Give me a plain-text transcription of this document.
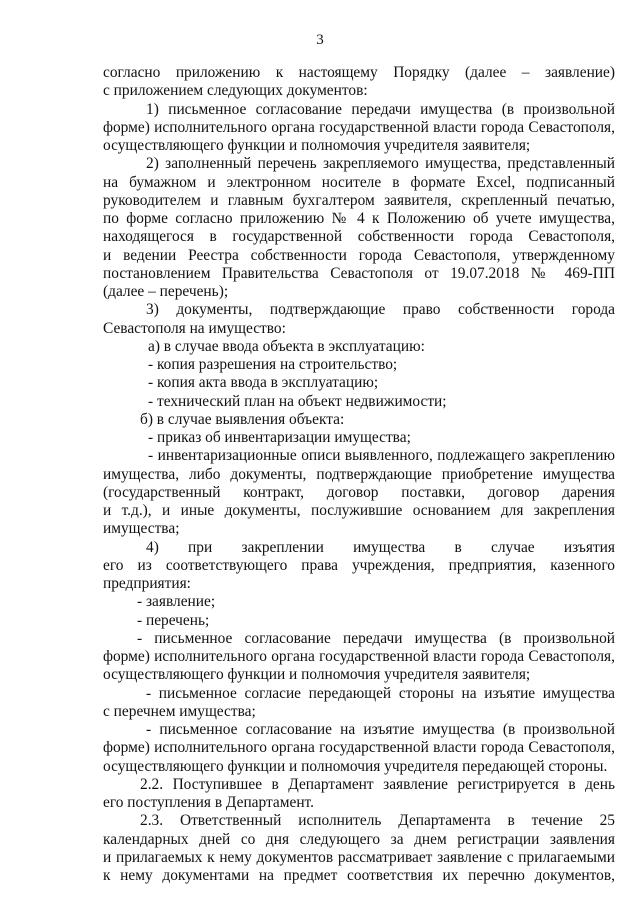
3
согласно приложению к настоящему Порядку (далее – заявление)
с приложением следующих документов:
1) письменное согласование передачи имущества (в произвольной
форме) исполнительного органа государственной власти города Севастополя,
осуществляющего функции и полномочия учредителя заявителя;
2) заполненный перечень закрепляемого имущества, представленный
на бумажном и электронном носителе в формате Excel, подписанный
руководителем и главным бухгалтером заявителя, скрепленный печатью,
по форме согласно приложению № 4 к Положению об учете имущества,
находящегося в государственной собственности города Севастополя,
и ведении Реестра собственности города Севастополя, утвержденному
постановлением Правительства Севастополя от 19.07.2018 № 469-ПП
(далее – перечень);
3) документы, подтверждающие право собственности города
Севастополя на имущество:
а) в случае ввода объекта в эксплуатацию:
- копия разрешения на строительство;
- копия акта ввода в эксплуатацию;
- технический план на объект недвижимости;
б) в случае выявления объекта:
- приказ об инвентаризации имущества;
- инвентаризационные описи выявленного, подлежащего закреплению
имущества, либо документы, подтверждающие приобретение имущества
(государственный контракт, договор поставки, договор дарения
и т.д.), и иные документы, послужившие основанием для закрепления
имущества;
4) при закреплении имущества в случае изъятия
его из соответствующего права учреждения, предприятия, казенного
предприятия:
- заявление;
- перечень;
- письменное согласование передачи имущества (в произвольной
форме) исполнительного органа государственной власти города Севастополя,
осуществляющего функции и полномочия учредителя заявителя;
- письменное согласие передающей стороны на изъятие имущества
с перечнем имущества;
- письменное согласование на изъятие имущества (в произвольной
форме) исполнительного органа государственной власти города Севастополя,
осуществляющего функции и полномочия учредителя передающей стороны.
2.2. Поступившее в Департамент заявление регистрируется в день
его поступления в Департамент.
2.3. Ответственный исполнитель Департамента в течение 25
календарных дней со дня следующего за днем регистрации заявления
и прилагаемых к нему документов рассматривает заявление с прилагаемыми
к нему документами на предмет соответствия их перечню документов,
